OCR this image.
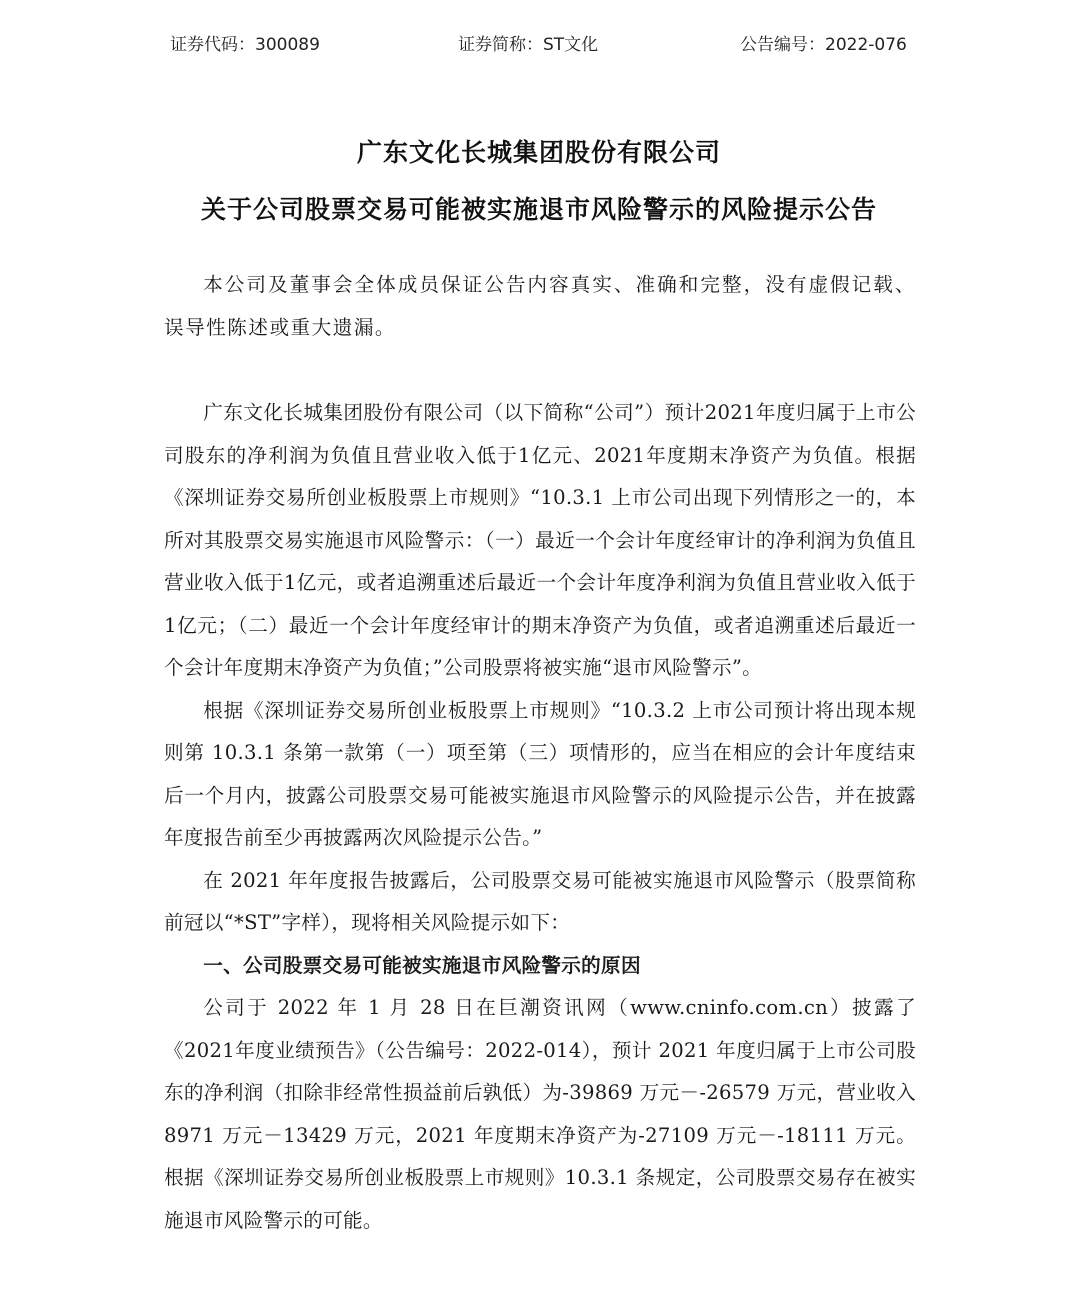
证券代码：300089	证券简称：ST文化	公告编号：2022-076
广东文化长城集团股份有限公司
关于公司股票交易可能被实施退市风险警示的风险提示公告

本公司及董事会全体成员保证公告内容真实、准确和完整，没有虚假记载、误导性陈述或重大遗漏。

广东文化长城集团股份有限公司（以下简称“公司”）预计2021年度归属于上市公司股东的净利润为负值且营业收入低于1亿元、2021年度期末净资产为负值。根据《深圳证券交易所创业板股票上市规则》“10.3.1 上市公司出现下列情形之一的，本所对其股票交易实施退市风险警示：（一）最近一个会计年度经审计的净利润为负值且营业收入低于1亿元，或者追溯重述后最近一个会计年度净利润为负值且营业收入低于1亿元；（二）最近一个会计年度经审计的期末净资产为负值，或者追溯重述后最近一个会计年度期末净资产为负值；”公司股票将被实施“退市风险警示”。

根据《深圳证券交易所创业板股票上市规则》“10.3.2 上市公司预计将出现本规则第 10.3.1 条第一款第（一）项至第（三）项情形的，应当在相应的会计年度结束后一个月内，披露公司股票交易可能被实施退市风险警示的风险提示公告，并在披露年度报告前至少再披露两次风险提示公告。”

在 2021 年年度报告披露后，公司股票交易可能被实施退市风险警示（股票简称前冠以“*ST”字样），现将相关风险提示如下：

一、公司股票交易可能被实施退市风险警示的原因

公司于 2022 年 1 月 28 日在巨潮资讯网（www.cninfo.com.cn）披露了《2021年度业绩预告》（公告编号：2022-014），预计 2021 年度归属于上市公司股东的净利润（扣除非经常性损益前后孰低）为-39869 万元－-26579 万元，营业收入8971 万元－13429 万元，2021 年度期末净资产为-27109 万元－-18111 万元。根据《深圳证券交易所创业板股票上市规则》10.3.1 条规定，公司股票交易存在被实施退市风险警示的可能。
